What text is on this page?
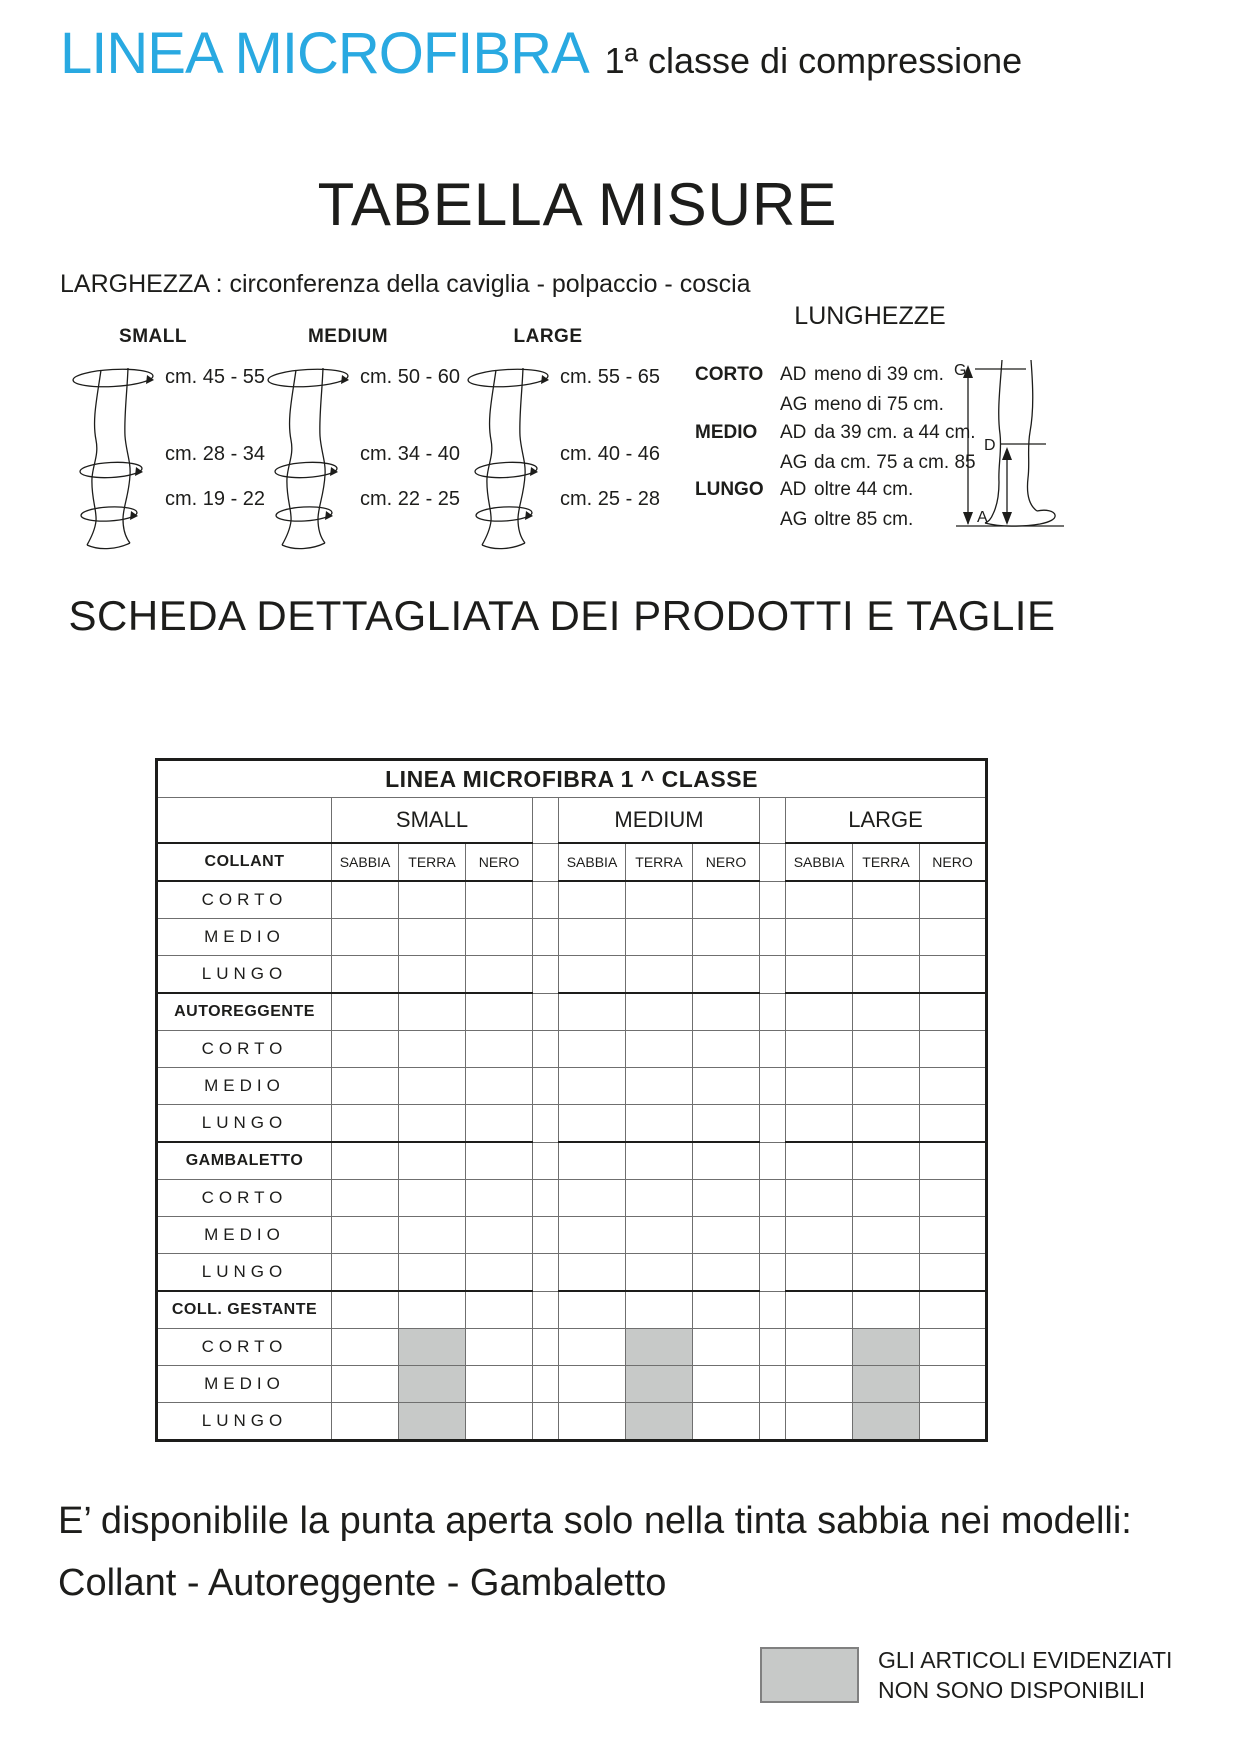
LINEA MICROFIBRA 1ª classe di compressione
TABELLA MISURE
LARGHEZZA : circonferenza della caviglia - polpaccio - coscia
SMALL
cm. 45 - 55
cm. 28 - 34
cm. 19 - 22
MEDIUM
cm. 50 - 60
cm. 34 - 40
cm. 22 - 25
LARGE
cm. 55 - 65
cm. 40 - 46
cm. 25 - 28
LUNGHEZZE
CORTO AD meno di 39 cm.
AG meno di 75 cm.
MEDIO AD da 39 cm. a 44 cm.
AG da cm. 75 a cm. 85
LUNGO AD oltre 44 cm.
AG oltre 85 cm.
G
D
A
SCHEDA DETTAGLIATA DEI PRODOTTI E TAGLIE
LINEA MICROFIBRA 1 ^ CLASSE											
	SMALL				MEDIUM				LARGE		
COLLANT	SABBIA	TERRA	NERO		SABBIA	TERRA	NERO		SABBIA	TERRA	NERO
CORTO											
MEDIO											
LUNGO											
AUTOREGGENTE											
CORTO											
MEDIO											
LUNGO											
GAMBALETTO											
CORTO											
MEDIO											
LUNGO											
COLL. GESTANTE											
CORTO											
MEDIO											
LUNGO											
E’ disponiblile la punta aperta solo nella tinta sabbia nei modelli:
Collant - Autoreggente - Gambaletto
GLI ARTICOLI EVIDENZIATI
NON SONO DISPONIBILI
